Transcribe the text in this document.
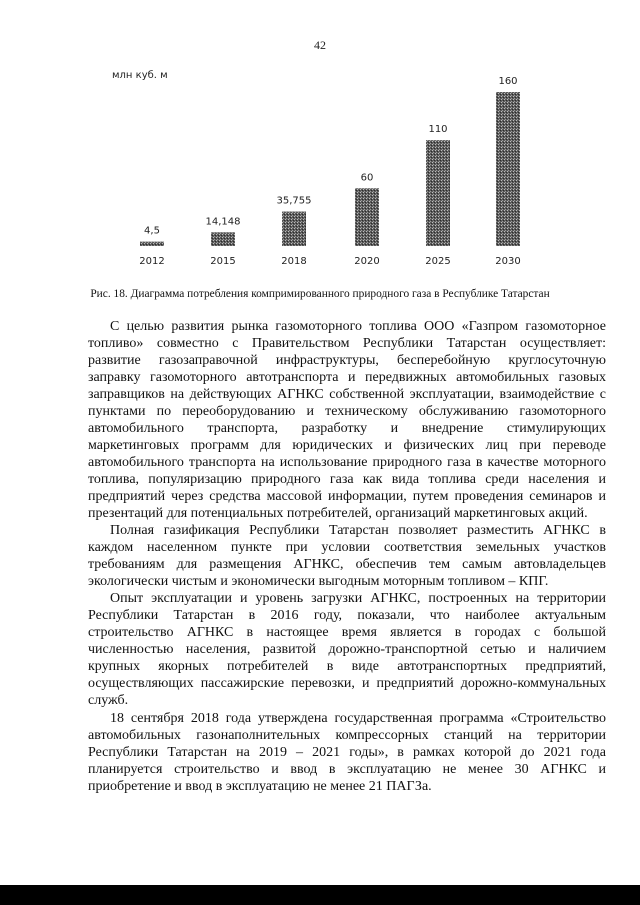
42
млн куб. м
4,5
2012
14,148
2015
35,755
2018
60
2020
110
2025
160
2030
Рис. 18. Диаграмма потребления компримированного природного газа в Республике Татарстан
С целью развития рынка газомоторного топлива ООО «Газпром газомоторное
топливо» совместно с Правительством Республики Татарстан осуществляет:
развитие газозаправочной инфраструктуры, бесперебойную круглосуточную
заправку газомоторного автотранспорта и передвижных автомобильных газовых
заправщиков на действующих АГНКС собственной эксплуатации, взаимодействие с
пунктами по переоборудованию и техническому обслуживанию газомоторного
автомобильного транспорта, разработку и внедрение стимулирующих
маркетинговых программ для юридических и физических лиц при переводе
автомобильного транспорта на использование природного газа в качестве моторного
топлива, популяризацию природного газа как вида топлива среди населения и
предприятий через средства массовой информации, путем проведения семинаров и
презентаций для потенциальных потребителей, организаций маркетинговых акций.
Полная газификация Республики Татарстан позволяет разместить АГНКС в
каждом населенном пункте при условии соответствия земельных участков
требованиям для размещения АГНКС, обеспечив тем самым автовладельцев
экологически чистым и экономически выгодным моторным топливом – КПГ.
Опыт эксплуатации и уровень загрузки АГНКС, построенных на территории
Республики Татарстан в 2016 году, показали, что наиболее актуальным
строительство АГНКС в настоящее время является в городах с большой
численностью населения, развитой дорожно-транспортной сетью и наличием
крупных якорных потребителей в виде автотранспортных предприятий,
осуществляющих пассажирские перевозки, и предприятий дорожно-коммунальных
служб.
18 сентября 2018 года утверждена государственная программа «Строительство
автомобильных газонаполнительных компрессорных станций на территории
Республики Татарстан на 2019 – 2021 годы», в рамках которой до 2021 года
планируется строительство и ввод в эксплуатацию не менее 30 АГНКС и
приобретение и ввод в эксплуатацию не менее 21 ПАГЗа.
